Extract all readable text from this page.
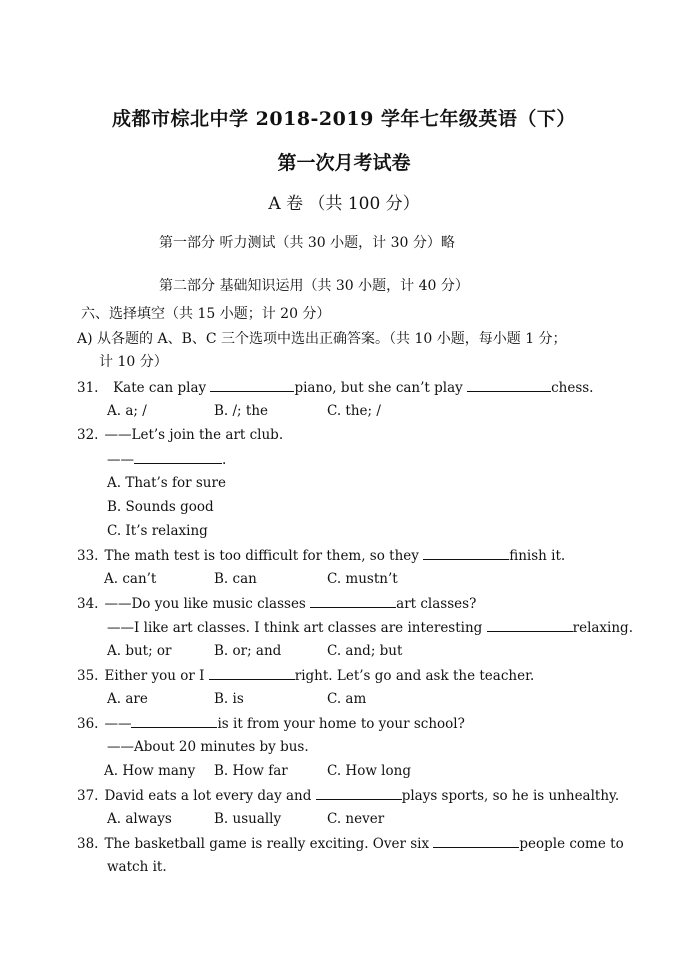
成都市棕北中学 2018-2019 学年七年级英语（下）
第一次月考试卷
A 卷 （共 100 分）
第一部分 听力测试（共 30 小题，计 30 分）略
第二部分 基础知识运用（共 30 小题，计 40 分）
六、选择填空（共 15 小题；计 20 分）
A) 从各题的 A、B、C 三个选项中选出正确答案。（共 10 小题，每小题 1 分；
计 10 分）
31. Kate can play	piano, but she can’t play	chess.
A. a; /	B. /; the	C. the; /
32. ——Let’s join the art club.
——	.
A. That’s for sure
B. Sounds good
C. It’s relaxing
33. The math test is too difficult for them, so they	finish it.
A. can’t	B. can	C. mustn’t
34. ——Do you like music classes	art classes?
——I like art classes. I think art classes are interesting	relaxing.
A. but; or	B. or; and	C. and; but
35. Either you or I	right. Let’s go and ask the teacher.
A. are	B. is	C. am
36. ——	is it from your home to your school?
——About 20 minutes by bus.
A. How many B. How far	C. How long
37. David eats a lot every day and	plays sports, so he is unhealthy.
A. always	B. usually	C. never
38. The basketball game is really exciting. Over six	people come to
watch it.
